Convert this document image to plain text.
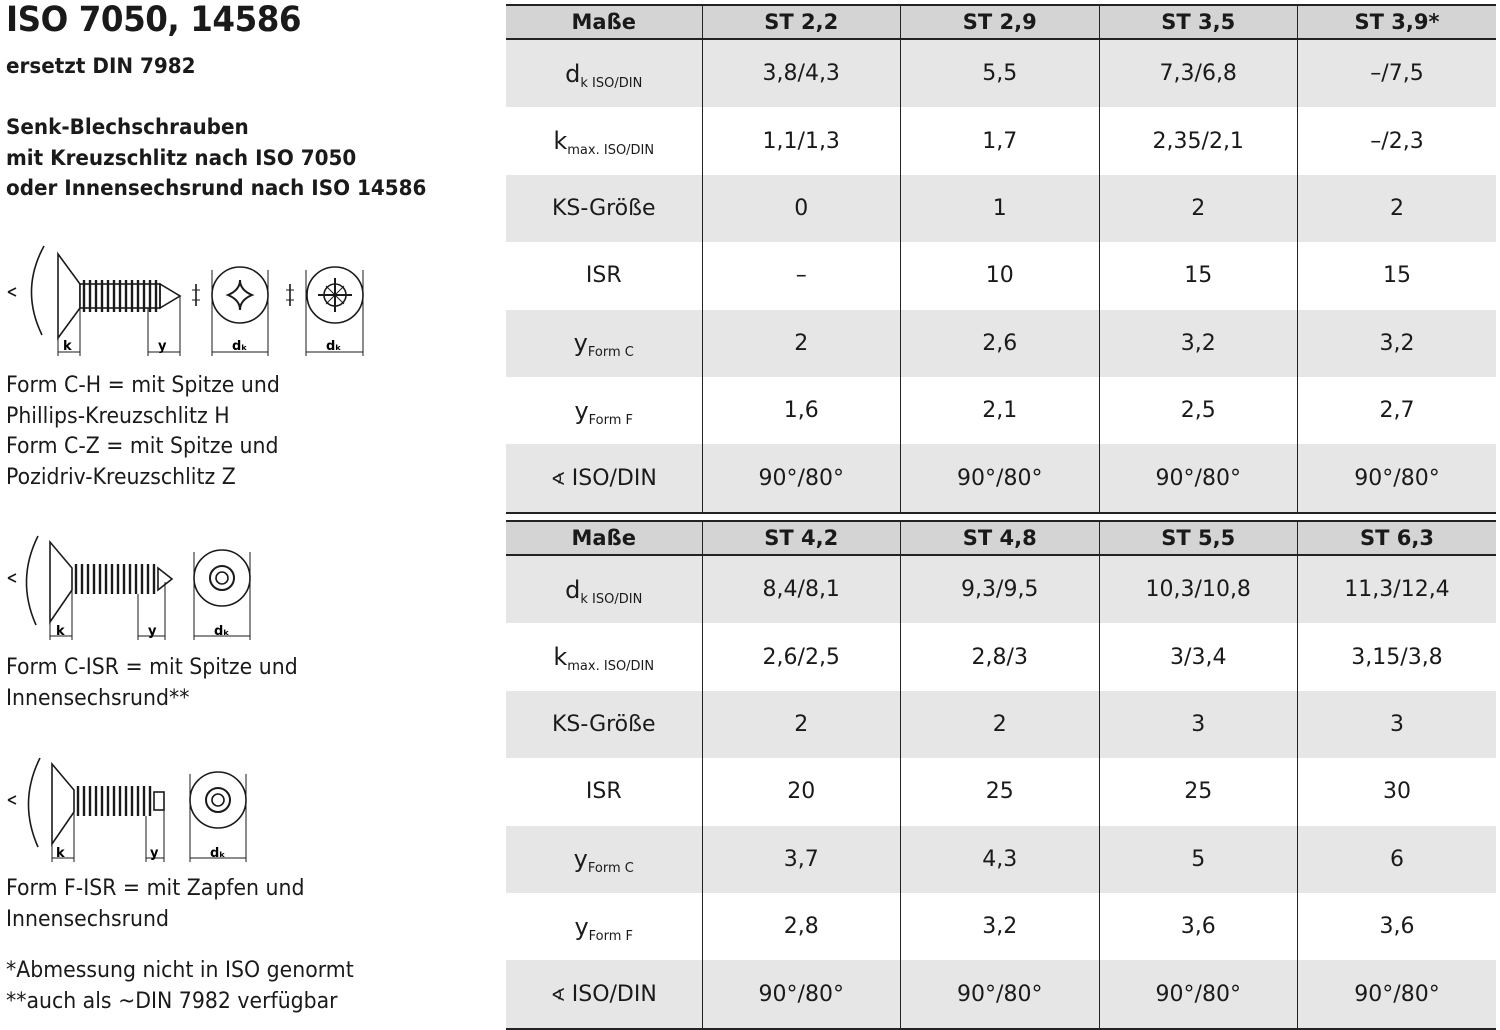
ISO 7050, 14586
ersetzt DIN 7982
Senk-Blechschrauben
mit Kreuzschlitz nach ISO 7050
oder Innensechsrund nach ISO 14586
k	y	dₖ	dₖ
Form C-H = mit Spitze und
Phillips-Kreuzschlitz H
Form C-Z = mit Spitze und
Pozidriv-Kreuzschlitz Z
k	y	dₖ
Form C-ISR = mit Spitze und
Innensechsrund**
k	y	dₖ
Form F-ISR = mit Zapfen und
Innensechsrund
*Abmessung nicht in ISO genormt
**auch als ~DIN 7982 verfügbar
Maße	ST 2,2	ST 2,9	ST 3,5	ST 3,9*
$d_{k ISO/DIN}$	3,8/4,3	5,5	7,3/6,8	–/7,5
$k_{max. ISO/DIN}$	1,1/1,3	1,7	2,35/2,1	–/2,3
KS-Größe	0	1	2	2
ISR	–	10	15	15
$y_{Form C}$	2	2,6	3,2	3,2
$y_{Form F}$	1,6	2,1	2,5	2,7
∢ ISO/DIN	90°/80°	90°/80°	90°/80°	90°/80°
Maße	ST 4,2	ST 4,8	ST 5,5	ST 6,3
$d_{k ISO/DIN}$	8,4/8,1	9,3/9,5	10,3/10,8	11,3/12,4
$k_{max. ISO/DIN}$	2,6/2,5	2,8/3	3/3,4	3,15/3,8
KS-Größe	2	2	3	3
ISR	20	25	25	30
$y_{Form C}$	3,7	4,3	5	6
$y_{Form F}$	2,8	3,2	3,6	3,6
∢ ISO/DIN	90°/80°	90°/80°	90°/80°	90°/80°
